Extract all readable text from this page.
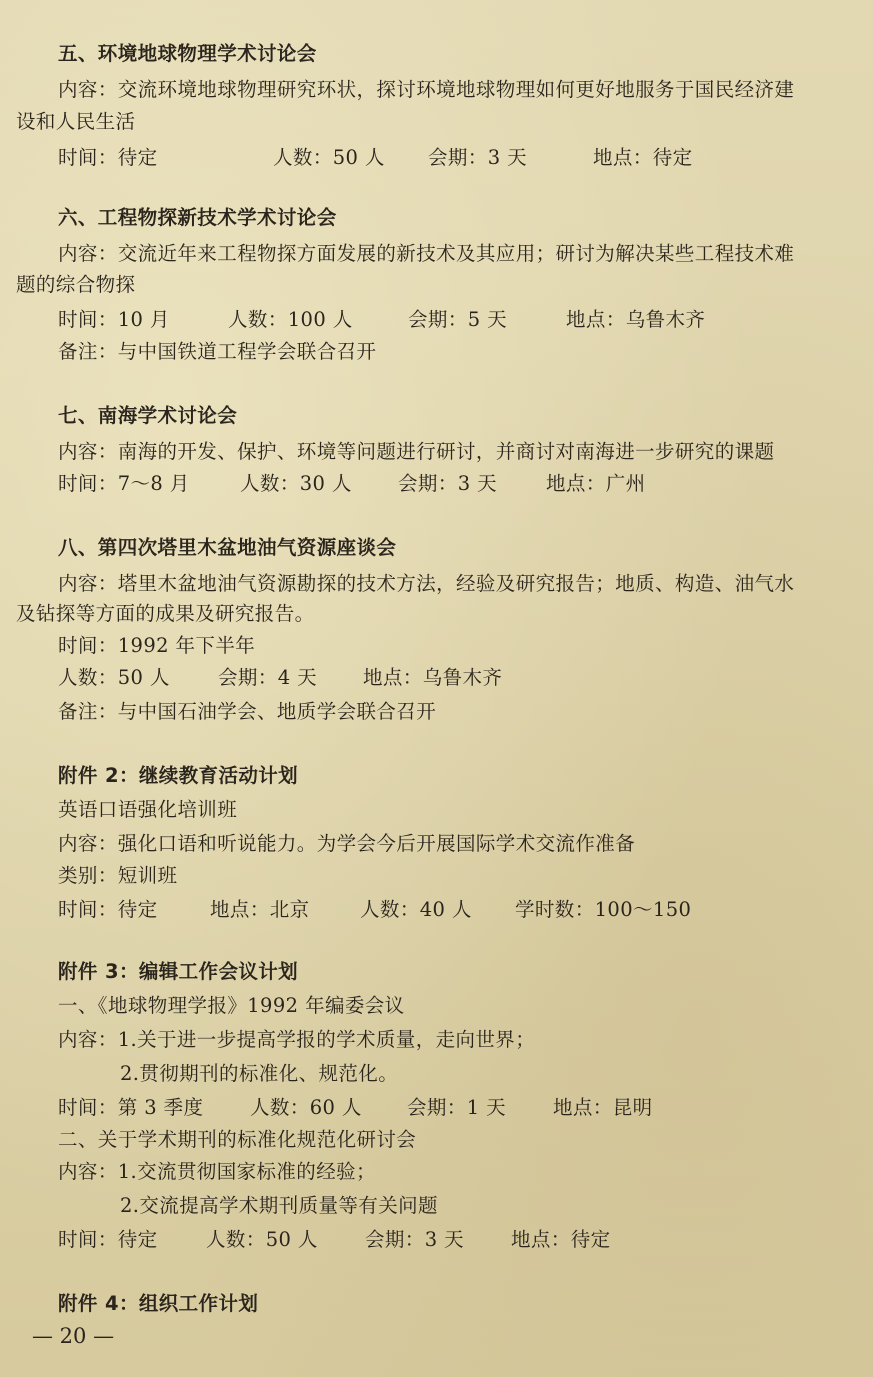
五、环境地球物理学术讨论会
内容：交流环境地球物理研究环状，探讨环境地球物理如何更好地服务于国民经济建
设和人民生活
时间：待定	人数：50 人 会期：3 天	地点：待定
六、工程物探新技术学术讨论会
内容：交流近年来工程物探方面发展的新技术及其应用；研讨为解决某些工程技术难
题的综合物探
时间：10 月	人数：100 人	会期：5 天	地点：乌鲁木齐
备注：与中国铁道工程学会联合召开
七、南海学术讨论会
内容：南海的开发、保护、环境等问题进行研讨，并商讨对南海进一步研究的课题
时间：7～8 月	人数：30 人 会期：3 天	地点：广州
八、第四次塔里木盆地油气资源座谈会
内容：塔里木盆地油气资源勘探的技术方法，经验及研究报告；地质、构造、油气水
及钻探等方面的成果及研究报告。
时间：1992 年下半年
人数：50 人 会期：4 天 地点：乌鲁木齐
备注：与中国石油学会、地质学会联合召开
附件 2：继续教育活动计划
英语口语强化培训班
内容：强化口语和听说能力。为学会今后开展国际学术交流作准备
类别：短训班
时间：待定	地点：北京	人数：40 人 学时数：100～150
附件 3：编辑工作会议计划
一、《地球物理学报》1992 年编委会议
内容：1.关于进一步提高学报的学术质量，走向世界；
2.贯彻期刊的标准化、规范化。
时间：第 3 季度 人数：60 人 会期：1 天 地点：昆明
二、关于学术期刊的标准化规范化研讨会
内容：1.交流贯彻国家标准的经验；
2.交流提高学术期刊质量等有关问题
时间：待定 人数：50 人 会期：3 天 地点：待定
附件 4：组织工作计划
— 20 —
